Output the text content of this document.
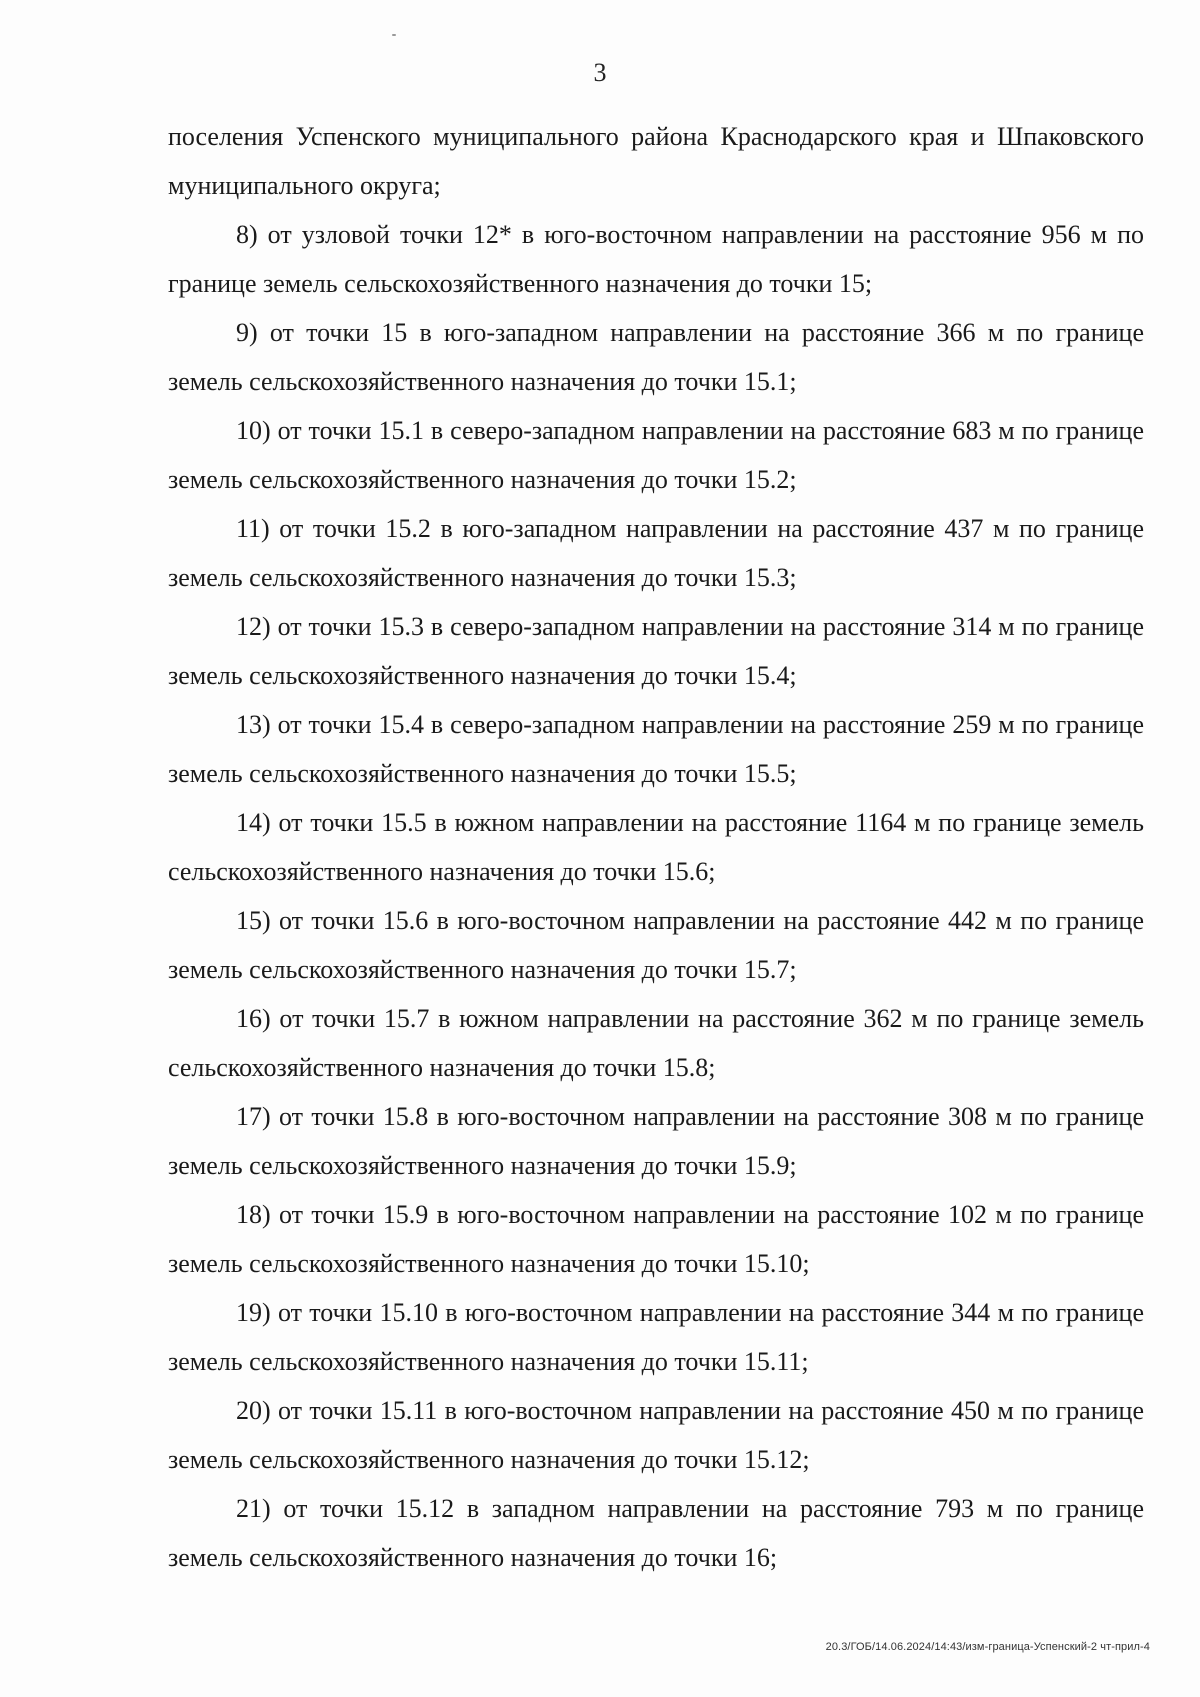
3

поселения Успенского муниципального района Краснодарского края и Шпаковского муниципального округа;

8) от узловой точки 12* в юго-восточном направлении на расстояние 956 м по границе земель сельскохозяйственного назначения до точки 15;

9) от точки 15 в юго-западном направлении на расстояние 366 м по границе земель сельскохозяйственного назначения до точки 15.1;

10) от точки 15.1 в северо-западном направлении на расстояние 683 м по границе земель сельскохозяйственного назначения до точки 15.2;

11) от точки 15.2 в юго-западном направлении на расстояние 437 м по границе земель сельскохозяйственного назначения до точки 15.3;

12) от точки 15.3 в северо-западном направлении на расстояние 314 м по границе земель сельскохозяйственного назначения до точки 15.4;

13) от точки 15.4 в северо-западном направлении на расстояние 259 м по границе земель сельскохозяйственного назначения до точки 15.5;

14) от точки 15.5 в южном направлении на расстояние 1164 м по границе земель сельскохозяйственного назначения до точки 15.6;

15) от точки 15.6 в юго-восточном направлении на расстояние 442 м по границе земель сельскохозяйственного назначения до точки 15.7;

16) от точки 15.7 в южном направлении на расстояние 362 м по границе земель сельскохозяйственного назначения до точки 15.8;

17) от точки 15.8 в юго-восточном направлении на расстояние 308 м по границе земель сельскохозяйственного назначения до точки 15.9;

18) от точки 15.9 в юго-восточном направлении на расстояние 102 м по границе земель сельскохозяйственного назначения до точки 15.10;

19) от точки 15.10 в юго-восточном направлении на расстояние 344 м по границе земель сельскохозяйственного назначения до точки 15.11;

20) от точки 15.11 в юго-восточном направлении на расстояние 450 м по границе земель сельскохозяйственного назначения до точки 15.12;

21) от точки 15.12 в западном направлении на расстояние 793 м по границе земель сельскохозяйственного назначения до точки 16;

20.3/ГОБ/14.06.2024/14:43/изм-граница-Успенский-2 чт-прил-4
